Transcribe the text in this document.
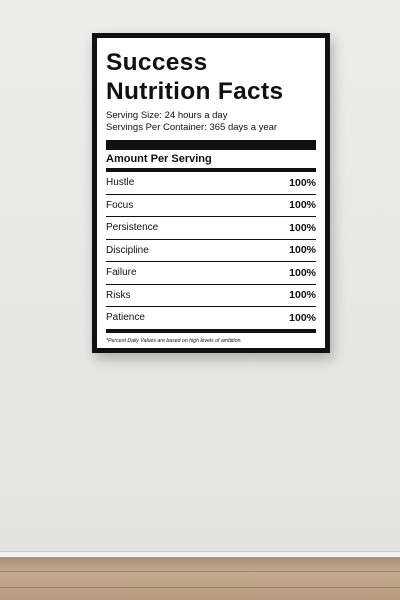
Success
Nutrition Facts
Serving Size: 24 hours a day
Servings Per Container: 365 days a year
Amount Per Serving
Hustle	100%
Focus	100%
Persistence	100%
Discipline	100%
Failure	100%
Risks	100%
Patience	100%
*Percent Daily Values are based on high levels of ambition.
